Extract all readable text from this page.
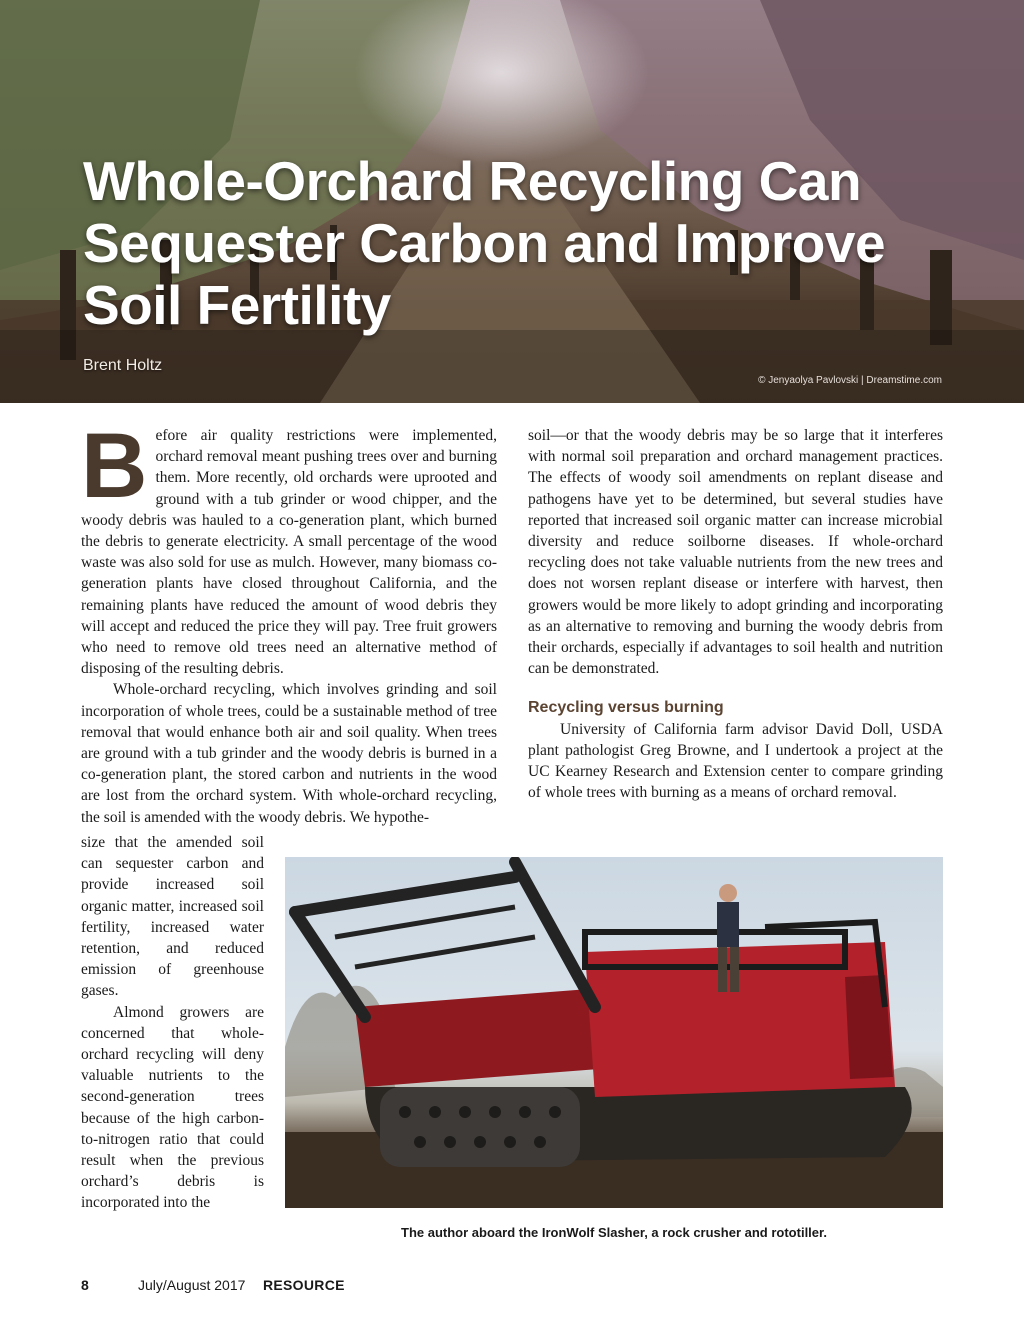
Whole-Orchard Recycling Can Sequester Carbon and Improve Soil Fertility

Brent Holtz

© Jenyaolya Pavlovski | Dreamstime.com

Before air quality restrictions were implemented, orchard removal meant pushing trees over and burning them. More recently, old orchards were uprooted and ground with a tub grinder or wood chipper, and the woody debris was hauled to a co-generation plant, which burned the debris to generate electricity. A small percentage of the wood waste was also sold for use as mulch. However, many biomass co-generation plants have closed throughout California, and the remaining plants have reduced the amount of wood debris they will accept and reduced the price they will pay. Tree fruit growers who need to remove old trees need an alternative method of disposing of the resulting debris.

Whole-orchard recycling, which involves grinding and soil incorporation of whole trees, could be a sustainable method of tree removal that would enhance both air and soil quality. When trees are ground with a tub grinder and the woody debris is burned in a co-generation plant, the stored carbon and nutrients in the wood are lost from the orchard system. With whole-orchard recycling, the soil is amended with the woody debris. We hypothe-

size that the amended soil can sequester carbon and provide increased soil organic matter, increased soil fertility, increased water retention, and reduced emission of greenhouse gases.

Almond growers are concerned that whole-orchard recycling will deny valuable nutrients to the second-generation trees because of the high carbon-to-nitrogen ratio that could result when the previous orchard’s debris is incorporated into the

soil—or that the woody debris may be so large that it interferes with normal soil preparation and orchard management practices. The effects of woody soil amendments on replant disease and pathogens have yet to be determined, but several studies have reported that increased soil organic matter can increase microbial diversity and reduce soilborne diseases. If whole-orchard recycling does not take valuable nutrients from the new trees and does not worsen replant disease or interfere with harvest, then growers would be more likely to adopt grinding and incorporating as an alternative to removing and burning the woody debris from their orchards, especially if advantages to soil health and nutrition can be demonstrated.

Recycling versus burning

University of California farm advisor David Doll, USDA plant pathologist Greg Browne, and I undertook a project at the UC Kearney Research and Extension center to compare grinding of whole trees with burning as a means of orchard removal.

The author aboard the IronWolf Slasher, a rock crusher and rototiller.

8	July/August 2017 RESOURCE
